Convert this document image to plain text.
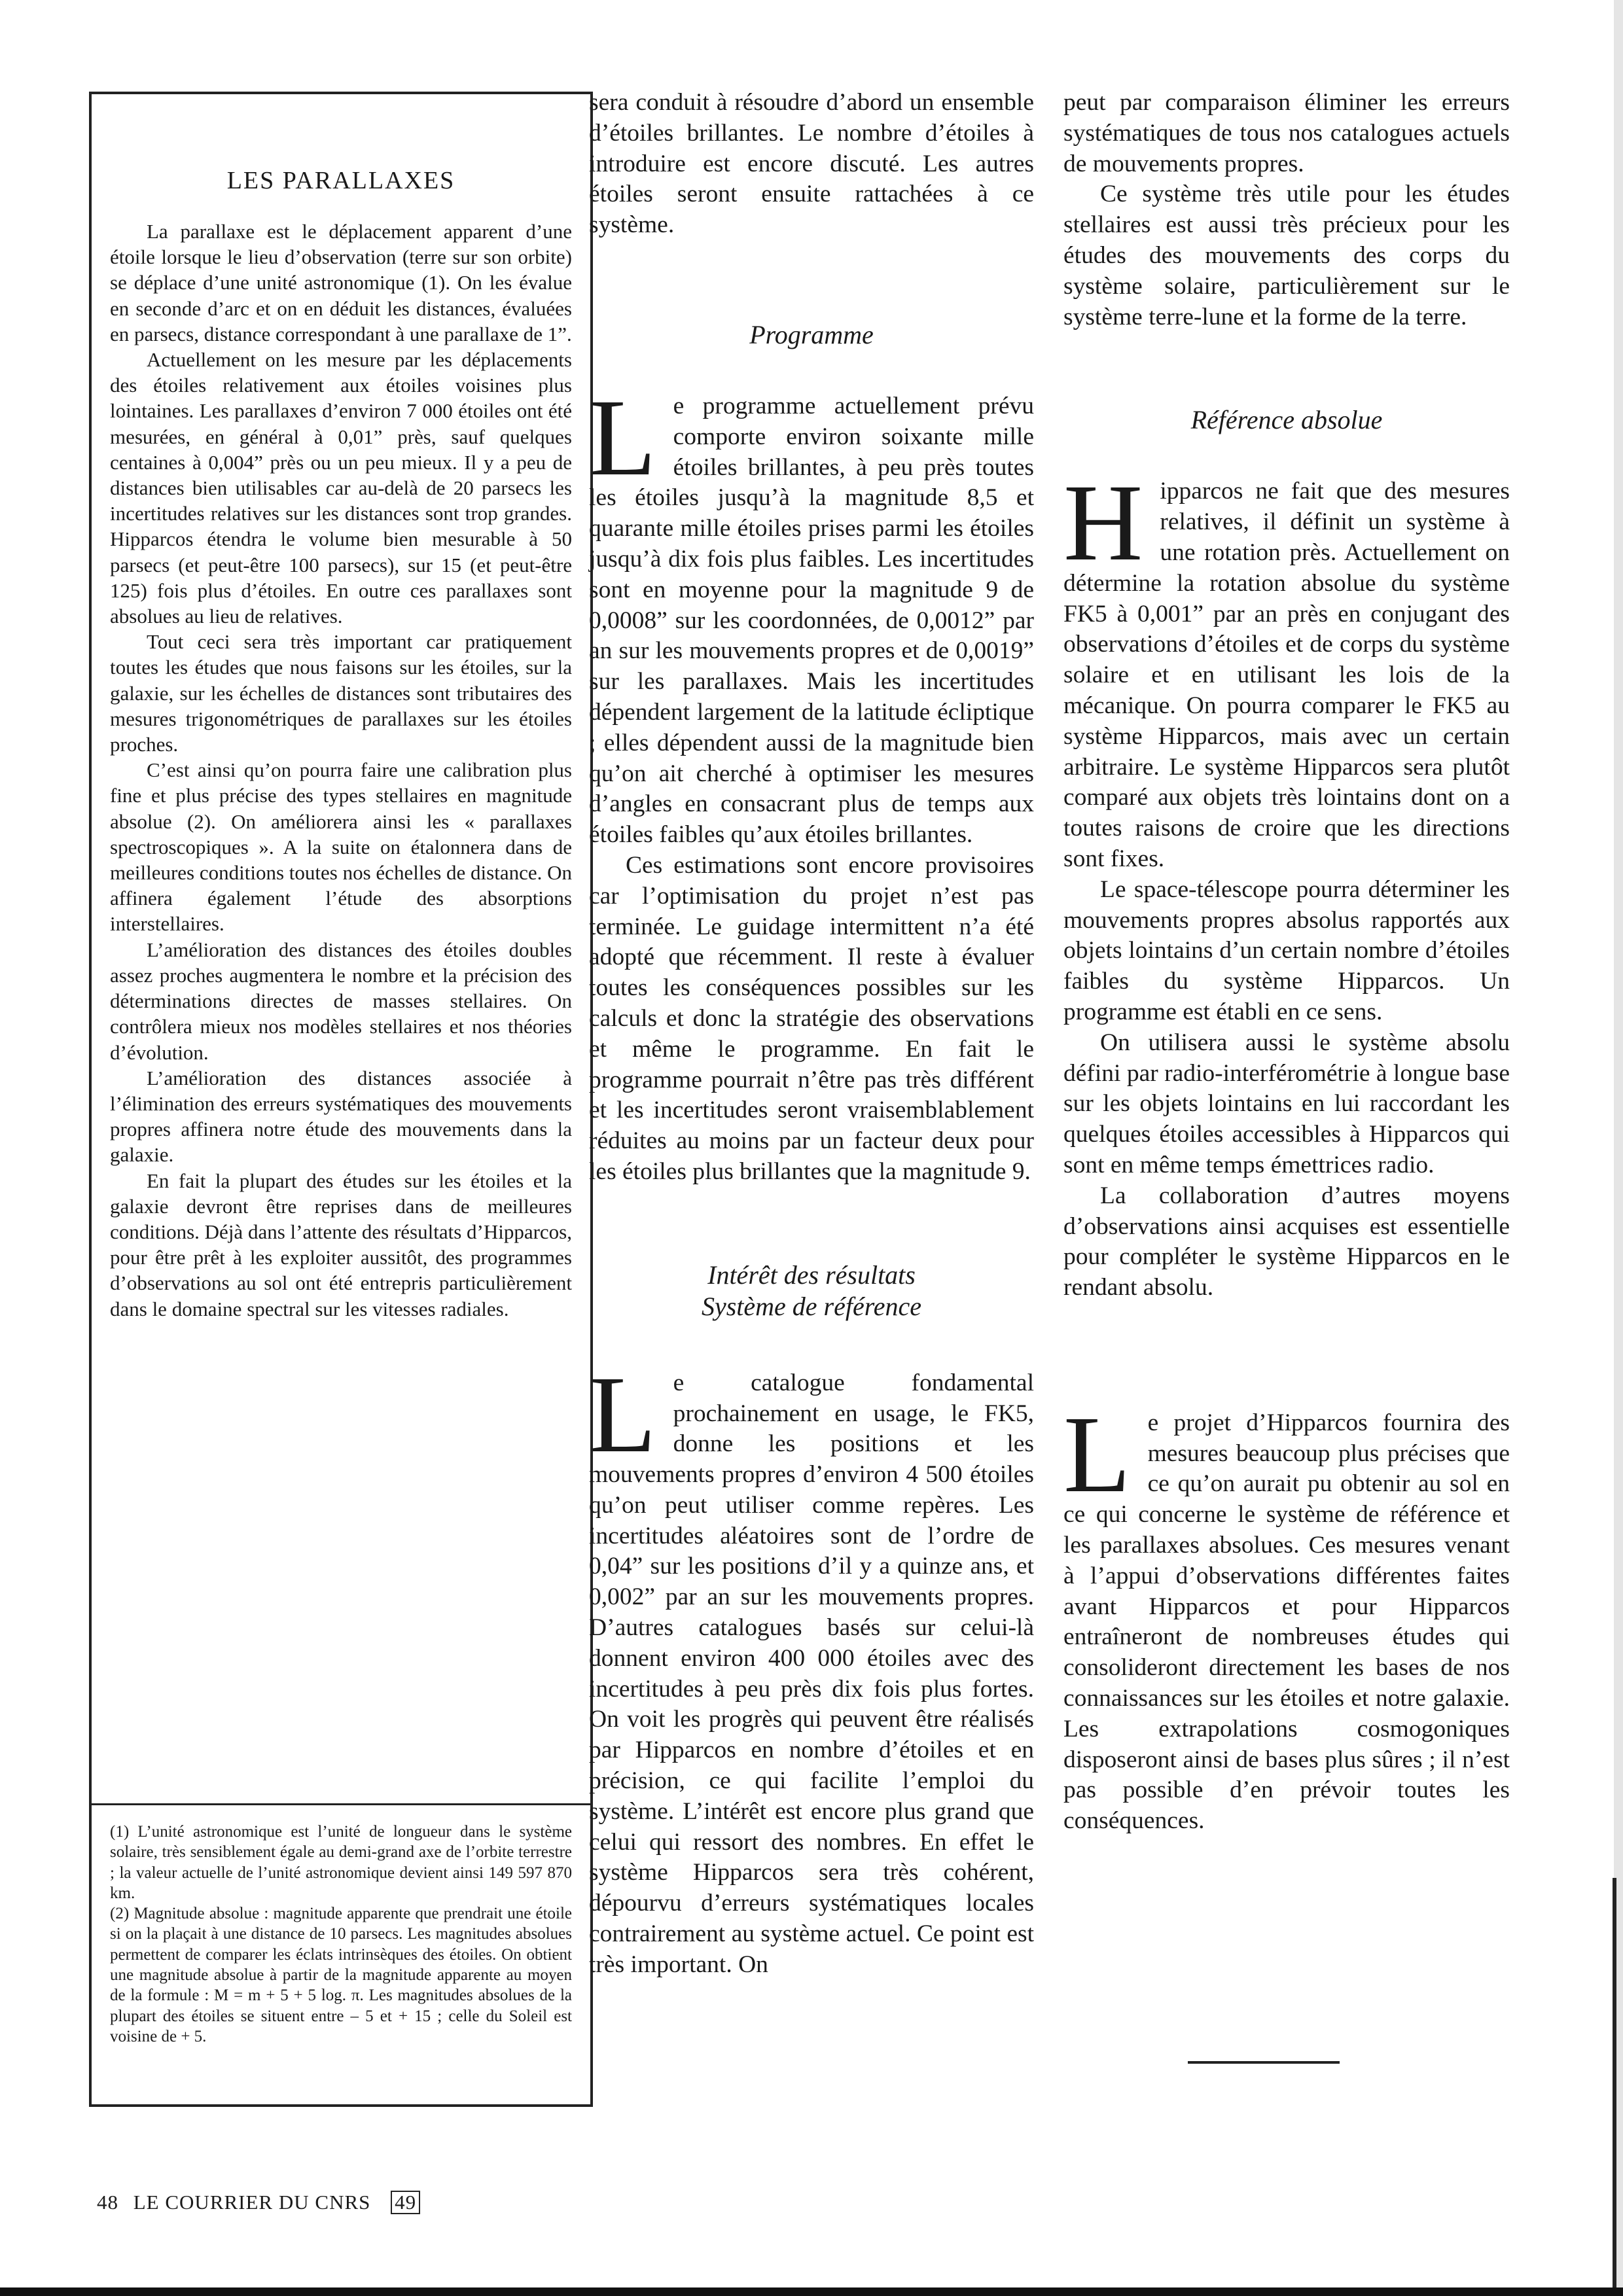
LES PARALLAXES

La parallaxe est le déplacement apparent d’une étoile lorsque le lieu d’observation (terre sur son orbite) se déplace d’une unité astronomique (1). On les évalue en seconde d’arc et on en déduit les distances, évaluées en parsecs, distance correspondant à une parallaxe de 1”.

Actuellement on les mesure par les déplacements des étoiles relativement aux étoiles voisines plus lointaines. Les parallaxes d’environ 7 000 étoiles ont été mesurées, en général à 0,01” près, sauf quelques centaines à 0,004” près ou un peu mieux. Il y a peu de distances bien utilisables car au-delà de 20 parsecs les incertitudes relatives sur les distances sont trop grandes. Hipparcos étendra le volume bien mesurable à 50 parsecs (et peut-être 100 parsecs), sur 15 (et peut-être 125) fois plus d’étoiles. En outre ces parallaxes sont absolues au lieu de relatives.

Tout ceci sera très important car pratiquement toutes les études que nous faisons sur les étoiles, sur la galaxie, sur les échelles de distances sont tributaires des mesures trigonométriques de parallaxes sur les étoiles proches.

C’est ainsi qu’on pourra faire une calibration plus fine et plus précise des types stellaires en magnitude absolue (2). On améliorera ainsi les « parallaxes spectroscopiques ». A la suite on étalonnera dans de meilleures conditions toutes nos échelles de distance. On affinera également l’étude des absorptions interstellaires.

L’amélioration des distances des étoiles doubles assez proches augmentera le nombre et la précision des déterminations directes de masses stellaires. On contrôlera mieux nos modèles stellaires et nos théories d’évolution.

L’amélioration des distances associée à l’élimination des erreurs systématiques des mouvements propres affinera notre étude des mouvements dans la galaxie.

En fait la plupart des études sur les étoiles et la galaxie devront être reprises dans de meilleures conditions. Déjà dans l’attente des résultats d’Hipparcos, pour être prêt à les exploiter aussitôt, des programmes d’observations au sol ont été entrepris particulièrement dans le domaine spectral sur les vitesses radiales.

(1) L’unité astronomique est l’unité de longueur dans le système solaire, très sensiblement égale au demi-grand axe de l’orbite terrestre ; la valeur actuelle de l’unité astronomique devient ainsi 149 597 870 km.

(2) Magnitude absolue : magnitude apparente que prendrait une étoile si on la plaçait à une distance de 10 parsecs. Les magnitudes absolues permettent de comparer les éclats intrinsèques des étoiles. On obtient une magnitude absolue à partir de la magnitude apparente au moyen de la formule : M = m + 5 + 5 log. π. Les magnitudes absolues de la plupart des étoiles se situent entre – 5 et + 15 ; celle du Soleil est voisine de + 5.

sera conduit à résoudre d’abord un ensemble d’étoiles brillantes. Le nombre d’étoiles à introduire est encore discuté. Les autres étoiles seront ensuite rattachées à ce système.

Programme

Le programme actuellement prévu comporte environ soixante mille étoiles brillantes, à peu près toutes les étoiles jusqu’à la magnitude 8,5 et quarante mille étoiles prises parmi les étoiles jusqu’à dix fois plus faibles. Les incertitudes sont en moyenne pour la magnitude 9 de 0,0008” sur les coordonnées, de 0,0012” par an sur les mouvements propres et de 0,0019” sur les parallaxes. Mais les incertitudes dépendent largement de la latitude écliptique ; elles dépendent aussi de la magnitude bien qu’on ait cherché à optimiser les mesures d’angles en consacrant plus de temps aux étoiles faibles qu’aux étoiles brillantes.

Ces estimations sont encore provisoires car l’optimisation du projet n’est pas terminée. Le guidage intermittent n’a été adopté que récemment. Il reste à évaluer toutes les conséquences possibles sur les calculs et donc la stratégie des observations et même le programme. En fait le programme pourrait n’être pas très différent et les incertitudes seront vraisemblablement réduites au moins par un facteur deux pour les étoiles plus brillantes que la magnitude 9.

Intérêt des résultats
Système de référence

Le catalogue fondamental prochainement en usage, le FK5, donne les positions et les mouvements propres d’environ 4 500 étoiles qu’on peut utiliser comme repères. Les incertitudes aléatoires sont de l’ordre de 0,04” sur les positions d’il y a quinze ans, et 0,002” par an sur les mouvements propres. D’autres catalogues basés sur celui-là donnent environ 400 000 étoiles avec des incertitudes à peu près dix fois plus fortes. On voit les progrès qui peuvent être réalisés par Hipparcos en nombre d’étoiles et en précision, ce qui facilite l’emploi du système. L’intérêt est encore plus grand que celui qui ressort des nombres. En effet le système Hipparcos sera très cohérent, dépourvu d’erreurs systématiques locales contrairement au système actuel. Ce point est très important. On

peut par comparaison éliminer les erreurs systématiques de tous nos catalogues actuels de mouvements propres.

Ce système très utile pour les études stellaires est aussi très précieux pour les études des mouvements des corps du système solaire, particulièrement sur le système terre-lune et la forme de la terre.

Référence absolue

Hipparcos ne fait que des mesures relatives, il définit un système à une rotation près. Actuellement on détermine la rotation absolue du système FK5 à 0,001” par an près en conjugant des observations d’étoiles et de corps du système solaire et en utilisant les lois de la mécanique. On pourra comparer le FK5 au système Hipparcos, mais avec un certain arbitraire. Le système Hipparcos sera plutôt comparé aux objets très lointains dont on a toutes raisons de croire que les directions sont fixes.

Le space-télescope pourra déterminer les mouvements propres absolus rapportés aux objets lointains d’un certain nombre d’étoiles faibles du système Hipparcos. Un programme est établi en ce sens.

On utilisera aussi le système absolu défini par radio-interférométrie à longue base sur les objets lointains en lui raccordant les quelques étoiles accessibles à Hipparcos qui sont en même temps émettrices radio.

La collaboration d’autres moyens d’observations ainsi acquises est essentielle pour compléter le système Hipparcos en le rendant absolu.

Le projet d’Hipparcos fournira des mesures beaucoup plus précises que ce qu’on aurait pu obtenir au sol en ce qui concerne le système de référence et les parallaxes absolues. Ces mesures venant à l’appui d’observations différentes faites avant Hipparcos et pour Hipparcos entraîneront de nombreuses études qui consolideront directement les bases de nos connaissances sur les étoiles et notre galaxie. Les extrapolations cosmogoniques disposeront ainsi de bases plus sûres ; il n’est pas possible d’en prévoir toutes les conséquences.

48 LE COURRIER DU CNRS 49
